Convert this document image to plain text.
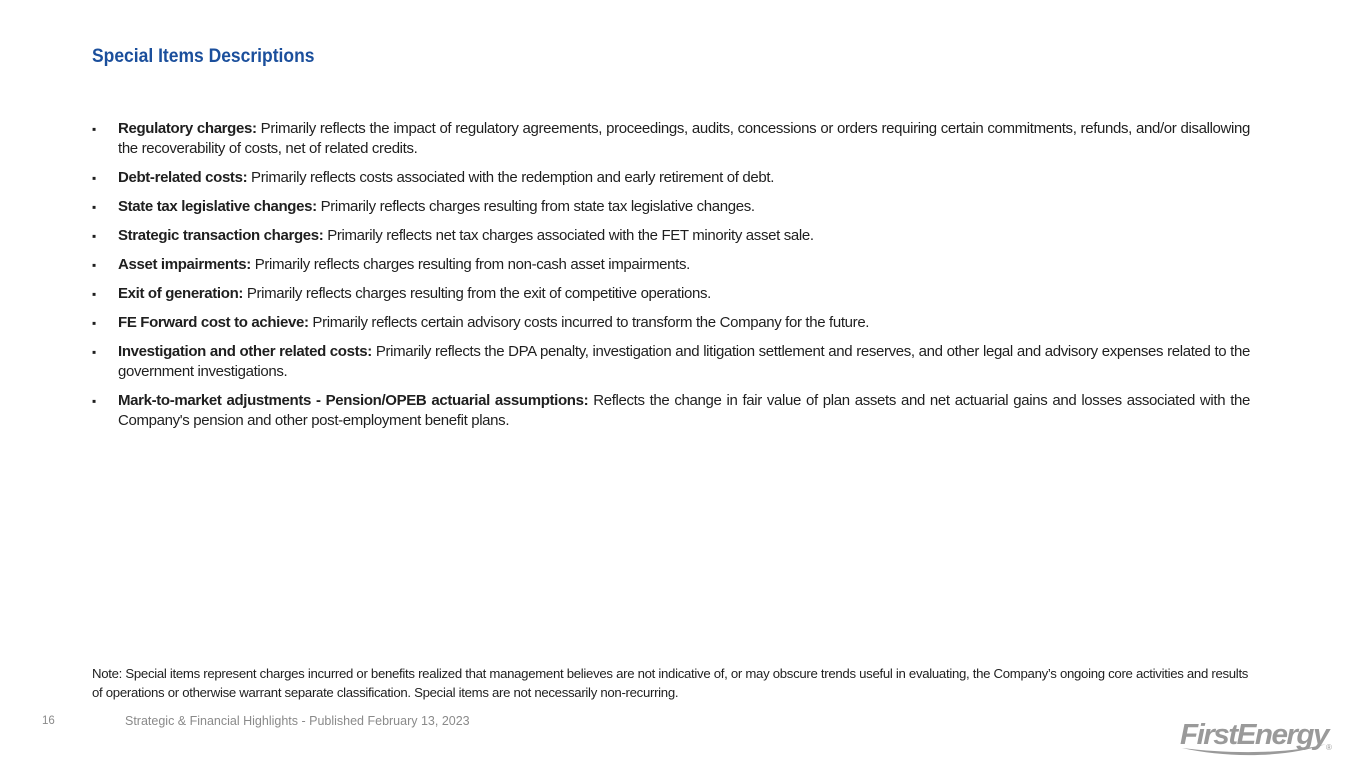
Special Items Descriptions
▪ Regulatory charges: Primarily reflects the impact of regulatory agreements, proceedings, audits, concessions or orders requiring certain commitments, refunds, and/or disallowing the recoverability of costs, net of related credits.
▪ Debt-related costs: Primarily reflects costs associated with the redemption and early retirement of debt.
▪ State tax legislative changes: Primarily reflects charges resulting from state tax legislative changes.
▪ Strategic transaction charges: Primarily reflects net tax charges associated with the FET minority asset sale.
▪ Asset impairments: Primarily reflects charges resulting from non-cash asset impairments.
▪ Exit of generation: Primarily reflects charges resulting from the exit of competitive operations.
▪ FE Forward cost to achieve: Primarily reflects certain advisory costs incurred to transform the Company for the future.
▪ Investigation and other related costs: Primarily reflects the DPA penalty, investigation and litigation settlement and reserves, and other legal and advisory expenses related to the government investigations.
▪ Mark-to-market adjustments - Pension/OPEB actuarial assumptions: Reflects the change in fair value of plan assets and net actuarial gains and losses associated with the Company's pension and other post-employment benefit plans.
Note: Special items represent charges incurred or benefits realized that management believes are not indicative of, or may obscure trends useful in evaluating, the Company’s ongoing core activities and results of operations or otherwise warrant separate classification. Special items are not necessarily non-recurring.
16	Strategic & Financial Highlights - Published February 13, 2023	FirstEnergy
®
